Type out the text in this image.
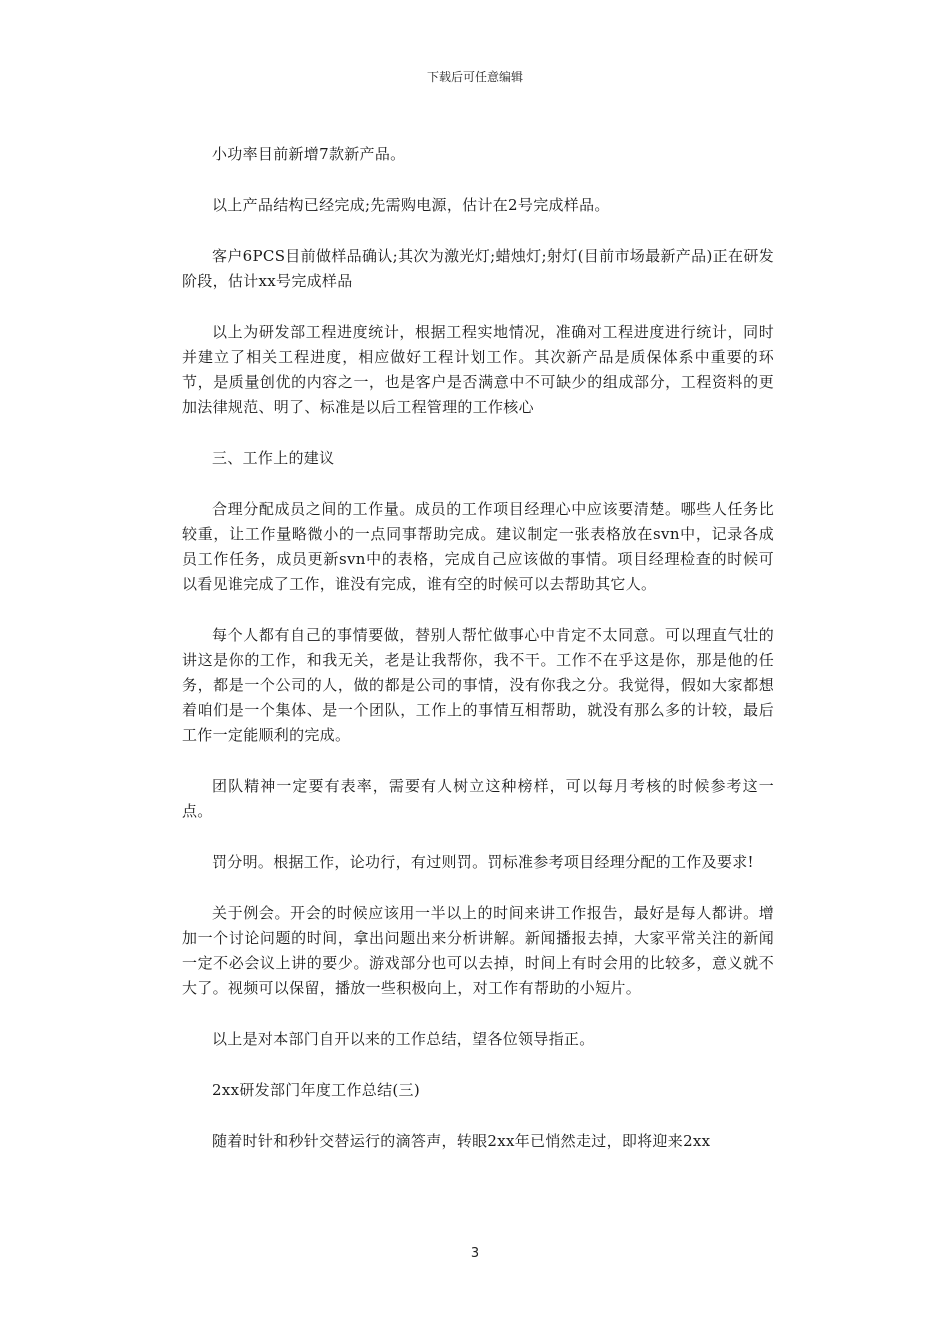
下载后可任意编辑

小功率目前新增7款新产品。

以上产品结构已经完成;先需购电源，估计在2号完成样品。

客户6PCS目前做样品确认;其次为激光灯;蜡烛灯;射灯(目前市场最新产品)正在研发阶段，估计xx号完成样品

以上为研发部工程进度统计，根据工程实地情况，准确对工程进度进行统计，同时并建立了相关工程进度，相应做好工程计划工作。其次新产品是质保体系中重要的环节，是质量创优的内容之一，也是客户是否满意中不可缺少的组成部分，工程资料的更加法律规范、明了、标准是以后工程管理的工作核心

三、工作上的建议

合理分配成员之间的工作量。成员的工作项目经理心中应该要清楚。哪些人任务比较重，让工作量略微小的一点同事帮助完成。建议制定一张表格放在svn中，记录各成员工作任务，成员更新svn中的表格，完成自己应该做的事情。项目经理检查的时候可以看见谁完成了工作，谁没有完成，谁有空的时候可以去帮助其它人。

每个人都有自己的事情要做，替别人帮忙做事心中肯定不太同意。可以理直气壮的讲这是你的工作，和我无关，老是让我帮你，我不干。工作不在乎这是你，那是他的任务，都是一个公司的人，做的都是公司的事情，没有你我之分。我觉得，假如大家都想着咱们是一个集体、是一个团队，工作上的事情互相帮助，就没有那么多的计较，最后工作一定能顺利的完成。

团队精神一定要有表率，需要有人树立这种榜样，可以每月考核的时候参考这一点。

罚分明。根据工作，论功行，有过则罚。罚标准参考项目经理分配的工作及要求!

关于例会。开会的时候应该用一半以上的时间来讲工作报告，最好是每人都讲。增加一个讨论问题的时间，拿出问题出来分析讲解。新闻播报去掉，大家平常关注的新闻一定不必会议上讲的要少。游戏部分也可以去掉，时间上有时会用的比较多，意义就不大了。视频可以保留，播放一些积极向上，对工作有帮助的小短片。

以上是对本部门自开以来的工作总结，望各位领导指正。

2xx研发部门年度工作总结(三)

随着时针和秒针交替运行的滴答声，转眼2xx年已悄然走过，即将迎来2xx

3
